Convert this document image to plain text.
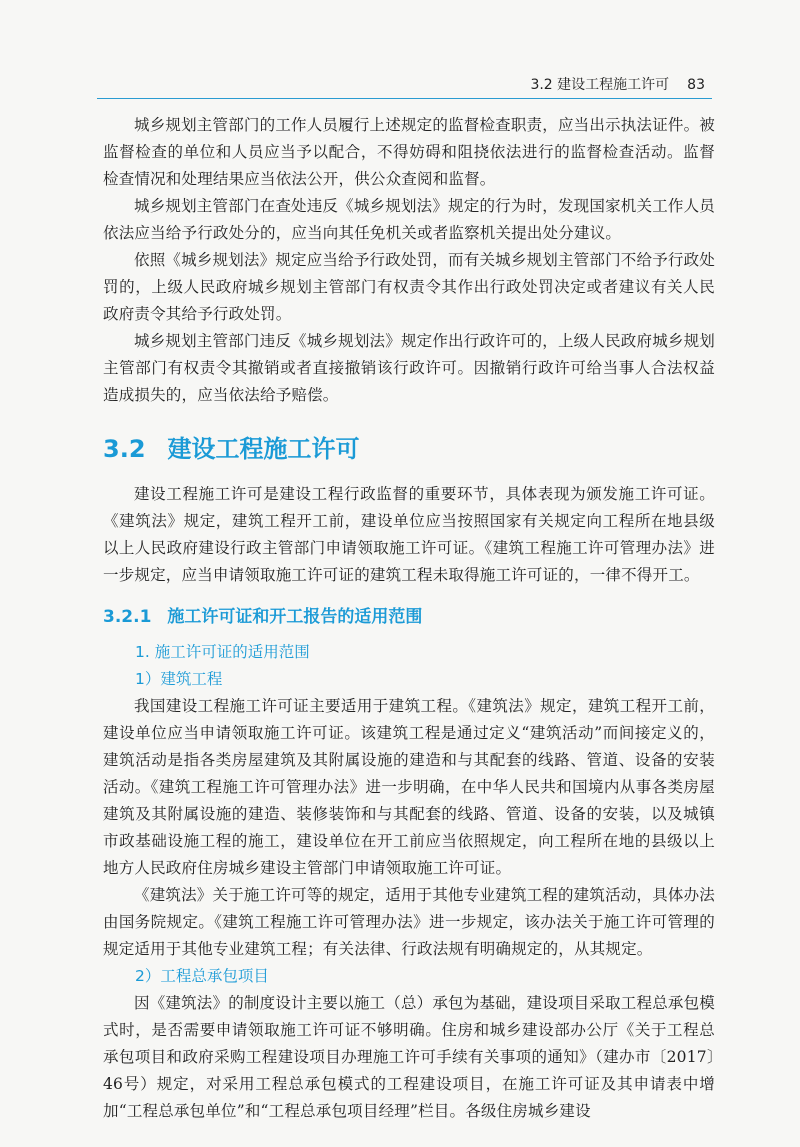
3.2 建设工程施工许可 83

城乡规划主管部门的工作人员履行上述规定的监督检查职责，应当出示执法证件。被监督检查的单位和人员应当予以配合，不得妨碍和阻挠依法进行的监督检查活动。监督检查情况和处理结果应当依法公开，供公众查阅和监督。

城乡规划主管部门在查处违反《城乡规划法》规定的行为时，发现国家机关工作人员依法应当给予行政处分的，应当向其任免机关或者监察机关提出处分建议。

依照《城乡规划法》规定应当给予行政处罚，而有关城乡规划主管部门不给予行政处罚的，上级人民政府城乡规划主管部门有权责令其作出行政处罚决定或者建议有关人民政府责令其给予行政处罚。

城乡规划主管部门违反《城乡规划法》规定作出行政许可的，上级人民政府城乡规划主管部门有权责令其撤销或者直接撤销该行政许可。因撤销行政许可给当事人合法权益造成损失的，应当依法给予赔偿。

3.2 建设工程施工许可

建设工程施工许可是建设工程行政监督的重要环节，具体表现为颁发施工许可证。《建筑法》规定，建筑工程开工前，建设单位应当按照国家有关规定向工程所在地县级以上人民政府建设行政主管部门申请领取施工许可证。《建筑工程施工许可管理办法》进一步规定，应当申请领取施工许可证的建筑工程未取得施工许可证的，一律不得开工。

3.2.1 施工许可证和开工报告的适用范围
1. 施工许可证的适用范围
1）建筑工程

我国建设工程施工许可证主要适用于建筑工程。《建筑法》规定，建筑工程开工前，建设单位应当申请领取施工许可证。该建筑工程是通过定义“建筑活动”而间接定义的，建筑活动是指各类房屋建筑及其附属设施的建造和与其配套的线路、管道、设备的安装活动。《建筑工程施工许可管理办法》进一步明确，在中华人民共和国境内从事各类房屋建筑及其附属设施的建造、装修装饰和与其配套的线路、管道、设备的安装，以及城镇市政基础设施工程的施工，建设单位在开工前应当依照规定，向工程所在地的县级以上地方人民政府住房城乡建设主管部门申请领取施工许可证。

《建筑法》关于施工许可等的规定，适用于其他专业建筑工程的建筑活动，具体办法由国务院规定。《建筑工程施工许可管理办法》进一步规定，该办法关于施工许可管理的规定适用于其他专业建筑工程；有关法律、行政法规有明确规定的，从其规定。

2）工程总承包项目

因《建筑法》的制度设计主要以施工（总）承包为基础，建设项目采取工程总承包模式时，是否需要申请领取施工许可证不够明确。住房和城乡建设部办公厅《关于工程总承包项目和政府采购工程建设项目办理施工许可手续有关事项的通知》（建办市〔2017〕46号）规定，对采用工程总承包模式的工程建设项目，在施工许可证及其申请表中增加“工程总承包单位”和“工程总承包项目经理”栏目。各级住房城乡建设
